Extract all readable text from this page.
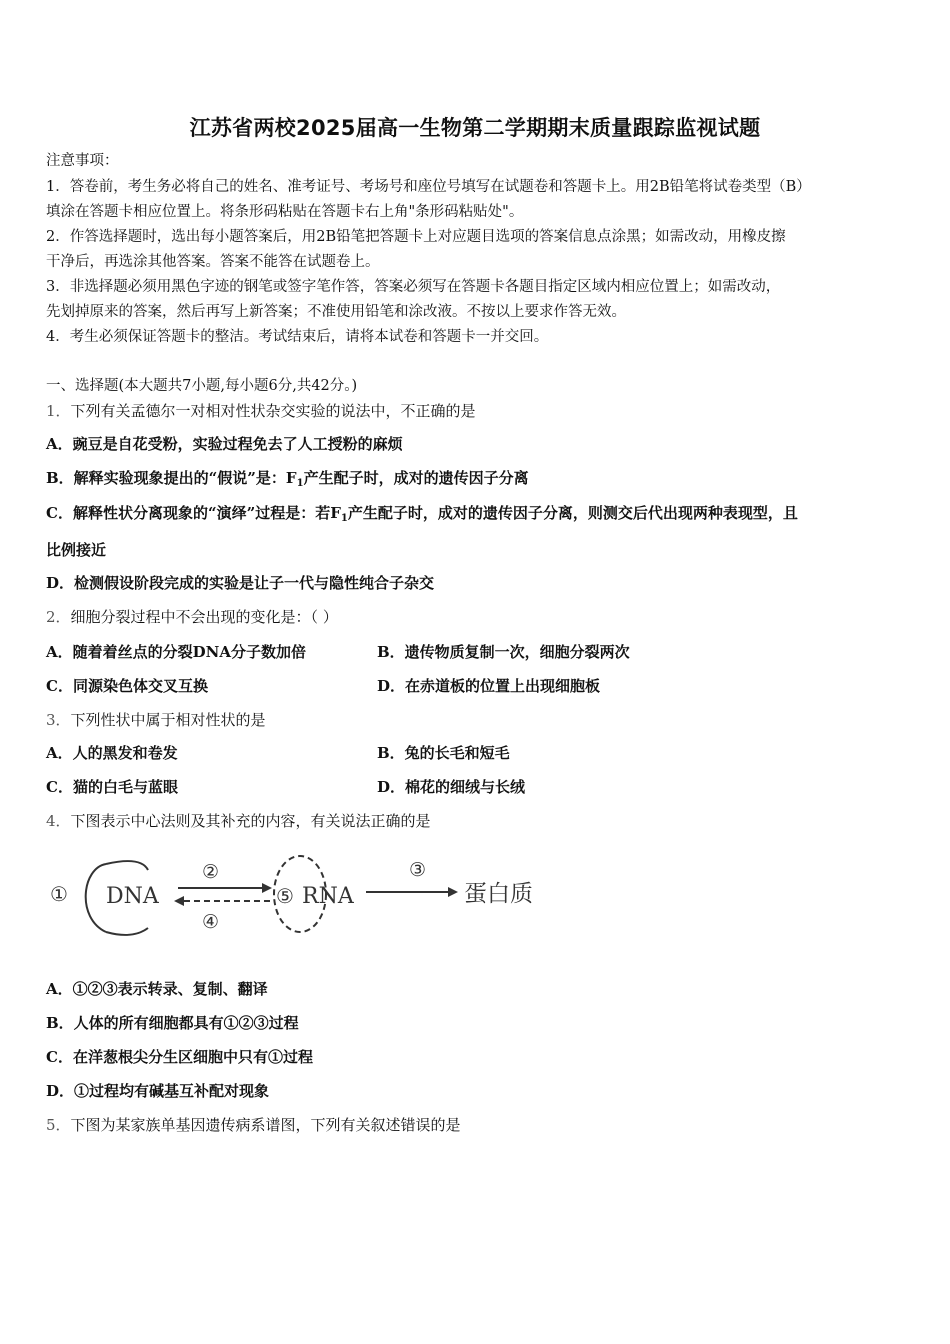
江苏省两校2025届高一生物第二学期期末质量跟踪监视试题
注意事项：
1．答卷前，考生务必将自己的姓名、准考证号、考场号和座位号填写在试题卷和答题卡上。用2B铅笔将试卷类型（B）
填涂在答题卡相应位置上。将条形码粘贴在答题卡右上角"条形码粘贴处"。
2．作答选择题时，选出每小题答案后，用2B铅笔把答题卡上对应题目选项的答案信息点涂黑；如需改动，用橡皮擦
干净后，再选涂其他答案。答案不能答在试题卷上。
3．非选择题必须用黑色字迹的钢笔或签字笔作答，答案必须写在答题卡各题目指定区域内相应位置上；如需改动，
先划掉原来的答案，然后再写上新答案；不准使用铅笔和涂改液。不按以上要求作答无效。
4．考生必须保证答题卡的整洁。考试结束后，请将本试卷和答题卡一并交回。
一、选择题(本大题共7小题,每小题6分,共42分。)
1．下列有关孟德尔一对相对性状杂交实验的说法中，不正确的是
A．豌豆是自花受粉，实验过程免去了人工授粉的麻烦
B．解释实验现象提出的“假说”是：$F_1$产生配子时，成对的遗传因子分离
C．解释性状分离现象的“演绎”过程是：若$F_1$产生配子时，成对的遗传因子分离，则测交后代出现两种表现型，且
比例接近
D．检测假设阶段完成的实验是让子一代与隐性纯合子杂交
2．细胞分裂过程中不会出现的变化是：（ ）
A．随着着丝点的分裂DNA分子数加倍	B．遗传物质复制一次，细胞分裂两次
C．同源染色体交叉互换	D．在赤道板的位置上出现细胞板
3．下列性状中属于相对性状的是
A．人的黑发和卷发	B．兔的长毛和短毛
C．猫的白毛与蓝眼	D．棉花的细绒与长绒
4．下图表示中心法则及其补充的内容，有关说法正确的是
① DNA
②
④
⑤ RNA
③
蛋白质
A．①②③表示转录、复制、翻译
B．人体的所有细胞都具有①②③过程
C．在洋葱根尖分生区细胞中只有①过程
D．①过程均有碱基互补配对现象
5．下图为某家族单基因遗传病系谱图，下列有关叙述错误的是
